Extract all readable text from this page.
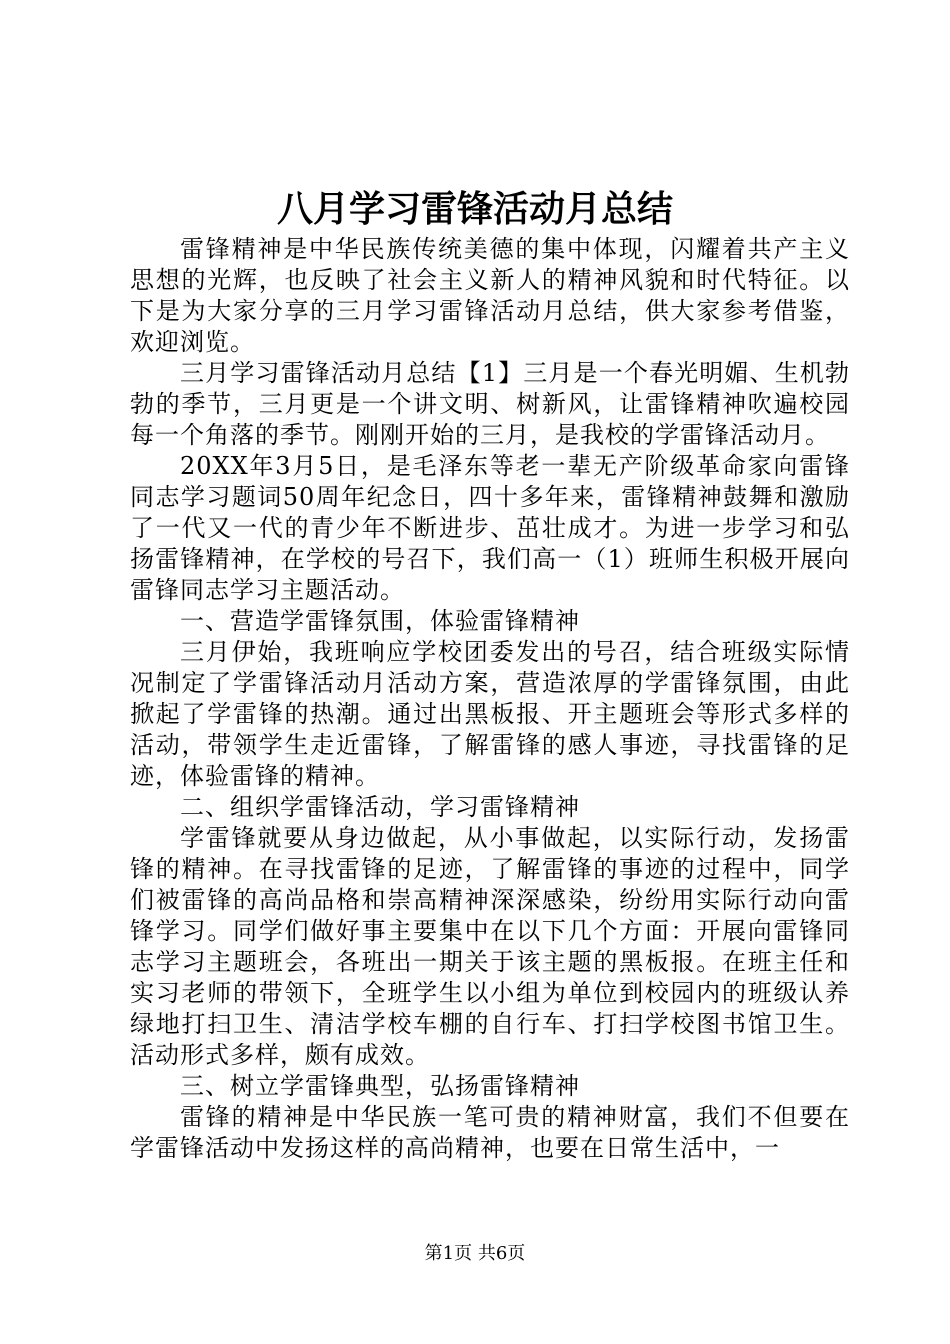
八月学习雷锋活动月总结

雷锋精神是中华民族传统美德的集中体现，闪耀着共产主义思想的光辉，也反映了社会主义新人的精神风貌和时代特征。以下是为大家分享的三月学习雷锋活动月总结，供大家参考借鉴，欢迎浏览。

三月学习雷锋活动月总结【1】三月是一个春光明媚、生机勃勃的季节，三月更是一个讲文明、树新风，让雷锋精神吹遍校园每一个角落的季节。刚刚开始的三月，是我校的学雷锋活动月。

20XX年3月5日，是毛泽东等老一辈无产阶级革命家向雷锋同志学习题词50周年纪念日，四十多年来，雷锋精神鼓舞和激励了一代又一代的青少年不断进步、茁壮成才。为进一步学习和弘扬雷锋精神，在学校的号召下，我们高一（1）班师生积极开展向雷锋同志学习主题活动。

一、营造学雷锋氛围，体验雷锋精神

三月伊始，我班响应学校团委发出的号召，结合班级实际情况制定了学雷锋活动月活动方案，营造浓厚的学雷锋氛围，由此掀起了学雷锋的热潮。通过出黑板报、开主题班会等形式多样的活动，带领学生走近雷锋，了解雷锋的感人事迹，寻找雷锋的足迹，体验雷锋的精神。

二、组织学雷锋活动，学习雷锋精神

学雷锋就要从身边做起，从小事做起，以实际行动，发扬雷锋的精神。在寻找雷锋的足迹，了解雷锋的事迹的过程中，同学们被雷锋的高尚品格和崇高精神深深感染，纷纷用实际行动向雷锋学习。同学们做好事主要集中在以下几个方面：开展向雷锋同志学习主题班会，各班出一期关于该主题的黑板报。在班主任和实习老师的带领下，全班学生以小组为单位到校园内的班级认养绿地打扫卫生、清洁学校车棚的自行车、打扫学校图书馆卫生。活动形式多样，颇有成效。

三、树立学雷锋典型，弘扬雷锋精神

雷锋的精神是中华民族一笔可贵的精神财富，我们不但要在学雷锋活动中发扬这样的高尚精神，也要在日常生活中，一

第1页 共6页
